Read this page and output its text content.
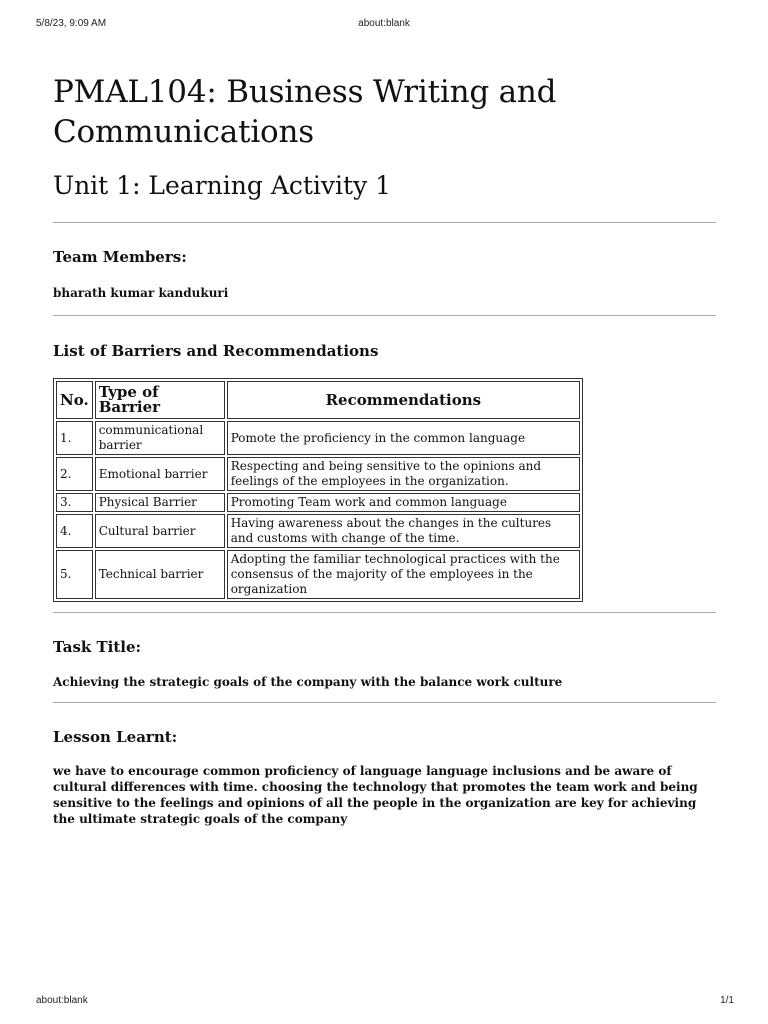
5/8/23, 9:09 AM	about:blank
PMAL104: Business Writing and Communications
Unit 1: Learning Activity 1
Team Members:
bharath kumar kandukuri
List of Barriers and Recommendations
No.	Type of Barrier	Recommendations
1.	communicational barrier	Pomote the proficiency in the common language
2.	Emotional barrier	Respecting and being sensitive to the opinions and feelings of the employees in the organization.
3.	Physical Barrier	Promoting Team work and common language
4.	Cultural barrier	Having awareness about the changes in the cultures and customs with change of the time.
5.	Technical barrier	Adopting the familiar technological practices with the consensus of the majority of the employees in the organization
Task Title:
Achieving the strategic goals of the company with the balance work culture
Lesson Learnt:
we have to encourage common proficiency of language language inclusions and be aware of cultural differences with time. choosing the technology that promotes the team work and being sensitive to the feelings and opinions of all the people in the organization are key for achieving the ultimate strategic goals of the company
about:blank	1/1
